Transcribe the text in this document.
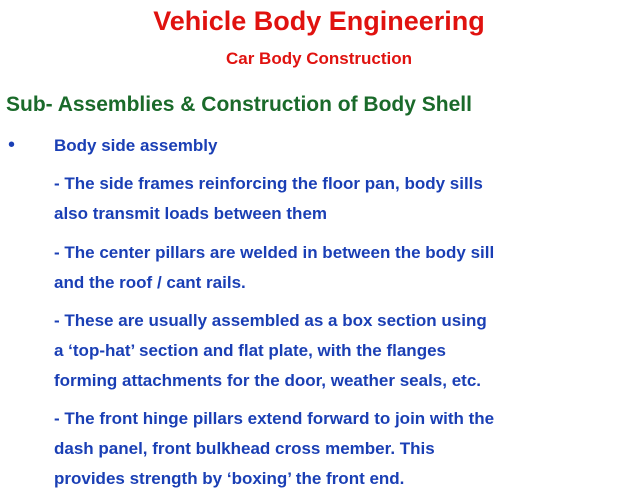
Vehicle Body Engineering
Car Body Construction
Sub- Assemblies & Construction of Body Shell
• Body side assembly
- The side frames reinforcing the floor pan, body sills
also transmit loads between them
- The center pillars are welded in between the body sill
and the roof / cant rails.
- These are usually assembled as a box section using
a ‘top-hat’ section and flat plate, with the flanges
forming attachments for the door, weather seals, etc.
- The front hinge pillars extend forward to join with the
dash panel, front bulkhead cross member. This
provides strength by ‘boxing’ the front end.
